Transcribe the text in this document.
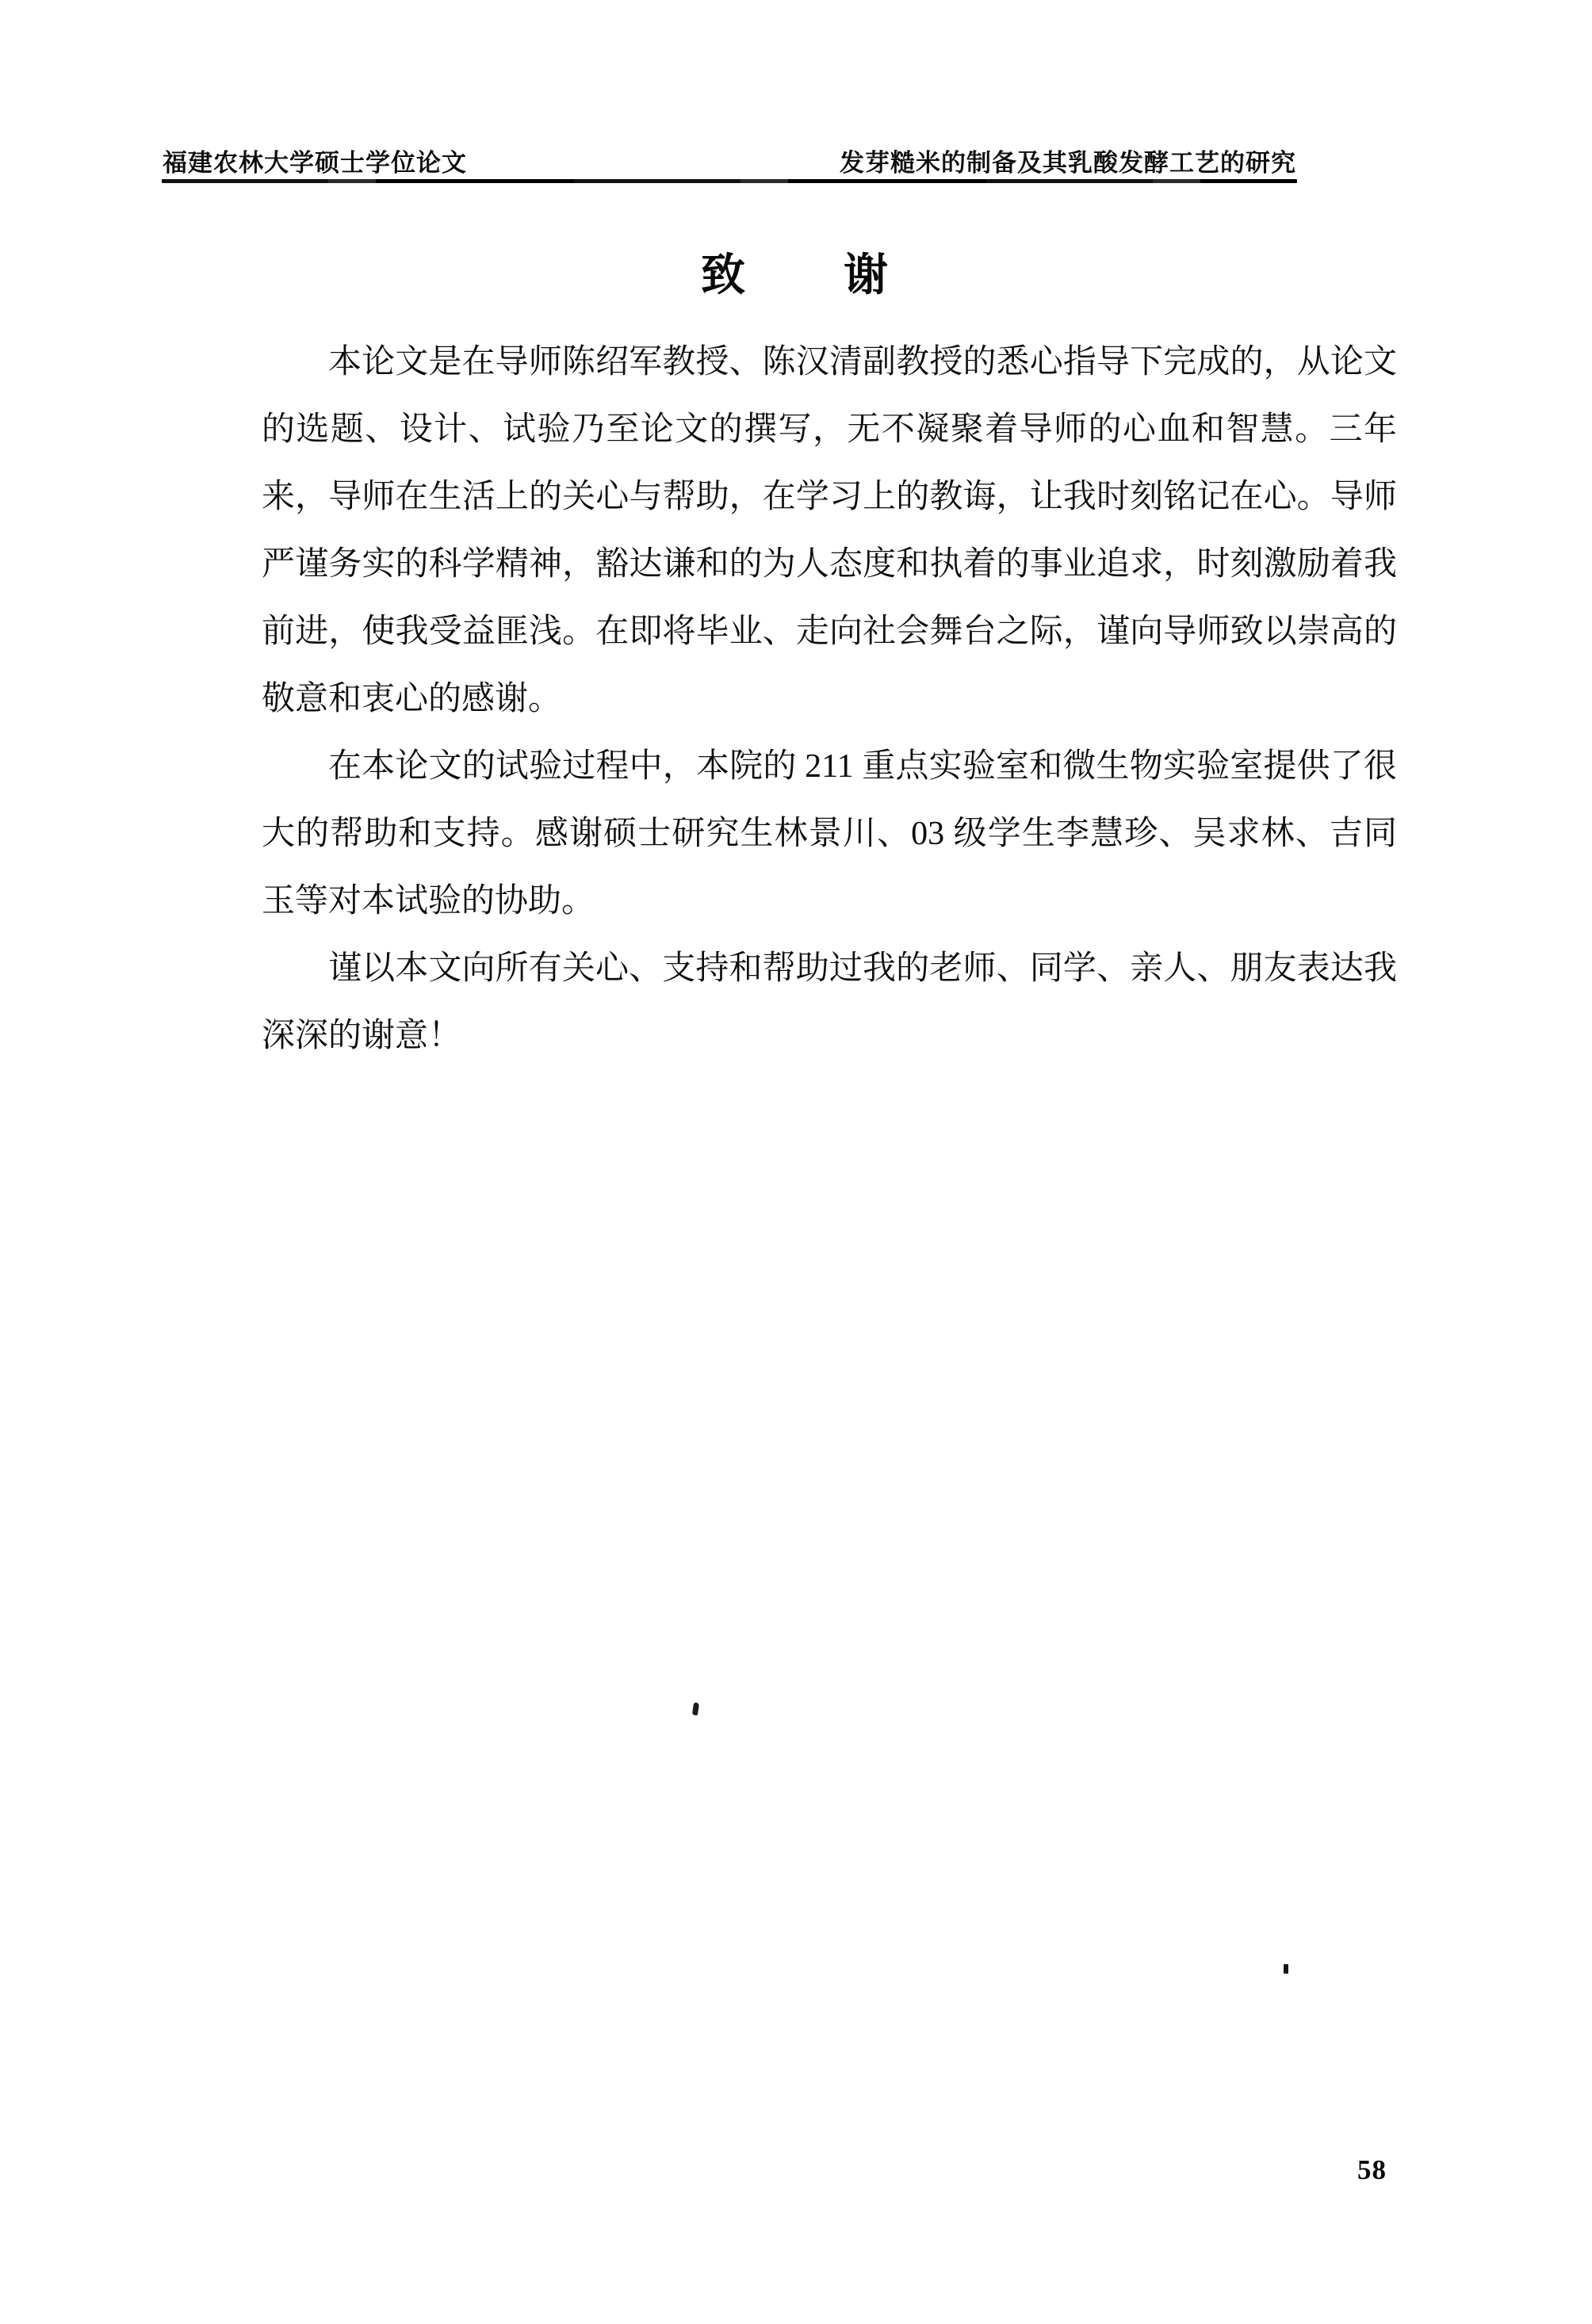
福建农林大学硕士学位论文	发芽糙米的制备及其乳酸发酵工艺的研究
致　　谢

本论文是在导师陈绍军教授、陈汉清副教授的悉心指导下完成的，从论文的选题、设计、试验乃至论文的撰写，无不凝聚着导师的心血和智慧。三年来，导师在生活上的关心与帮助，在学习上的教诲，让我时刻铭记在心。导师严谨务实的科学精神，豁达谦和的为人态度和执着的事业追求，时刻激励着我前进，使我受益匪浅。在即将毕业、走向社会舞台之际，谨向导师致以崇高的敬意和衷心的感谢。

在本论文的试验过程中，本院的 211 重点实验室和微生物实验室提供了很大的帮助和支持。感谢硕士研究生林景川、03 级学生李慧珍、吴求林、吉同玉等对本试验的协助。

谨以本文向所有关心、支持和帮助过我的老师、同学、亲人、朋友表达我深深的谢意！

58
